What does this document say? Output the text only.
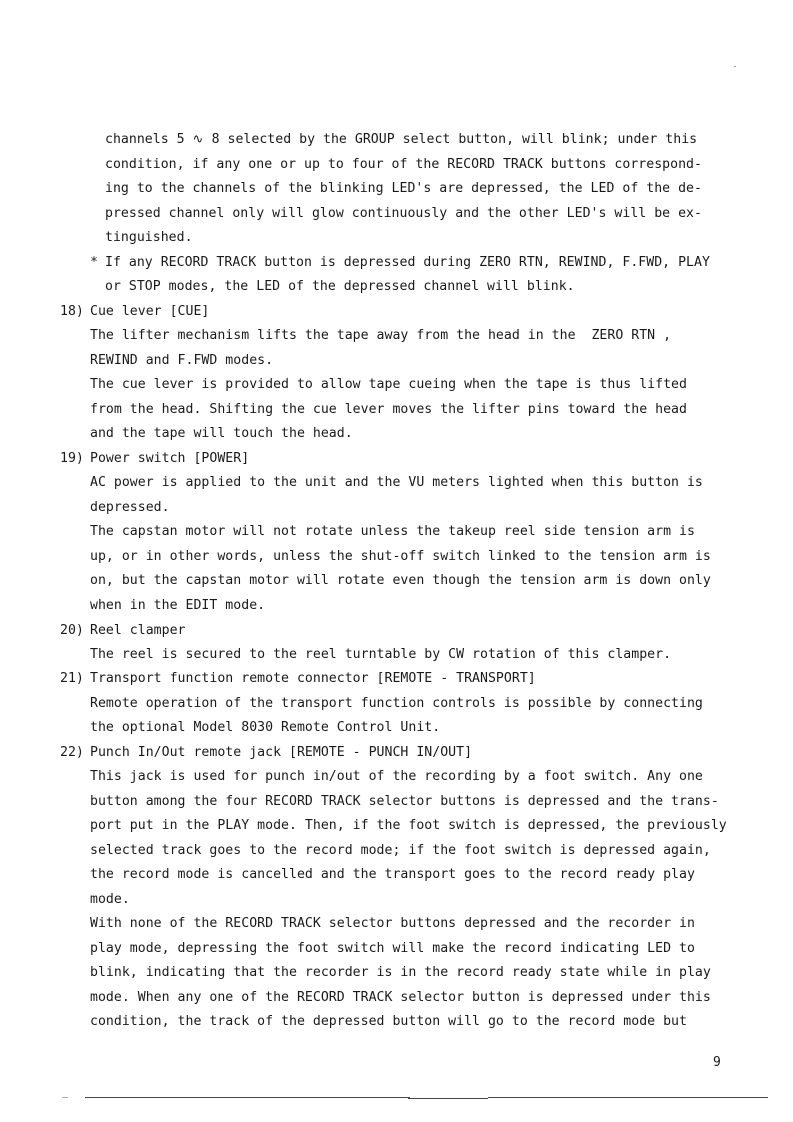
channels 5 ∿ 8 selected by the GROUP select button, will blink; under this
condition, if any one or up to four of the RECORD TRACK buttons correspond-
ing to the channels of the blinking LED's are depressed, the LED of the de-
pressed channel only will glow continuously and the other LED's will be ex-
tinguished.
* If any RECORD TRACK button is depressed during ZERO RTN, REWIND, F.FWD, PLAY
or STOP modes, the LED of the depressed channel will blink.
18) Cue lever [CUE]
The lifter mechanism lifts the tape away from the head in the  ZERO RTN ,
REWIND and F.FWD modes.
The cue lever is provided to allow tape cueing when the tape is thus lifted
from the head. Shifting the cue lever moves the lifter pins toward the head
and the tape will touch the head.
19) Power switch [POWER]
AC power is applied to the unit and the VU meters lighted when this button is
depressed.
The capstan motor will not rotate unless the takeup reel side tension arm is
up, or in other words, unless the shut-off switch linked to the tension arm is
on, but the capstan motor will rotate even though the tension arm is down only
when in the EDIT mode.
20) Reel clamper
The reel is secured to the reel turntable by CW rotation of this clamper.
21) Transport function remote connector [REMOTE - TRANSPORT]
Remote operation of the transport function controls is possible by connecting
the optional Model 8030 Remote Control Unit.
22) Punch In/Out remote jack [REMOTE - PUNCH IN/OUT]
This jack is used for punch in/out of the recording by a foot switch. Any one
button among the four RECORD TRACK selector buttons is depressed and the trans-
port put in the PLAY mode. Then, if the foot switch is depressed, the previously
selected track goes to the record mode; if the foot switch is depressed again,
the record mode is cancelled and the transport goes to the record ready play
mode.
With none of the RECORD TRACK selector buttons depressed and the recorder in
play mode, depressing the foot switch will make the record indicating LED to
blink, indicating that the recorder is in the record ready state while in play
mode. When any one of the RECORD TRACK selector button is depressed under this
condition, the track of the depressed button will go to the record mode but
9
